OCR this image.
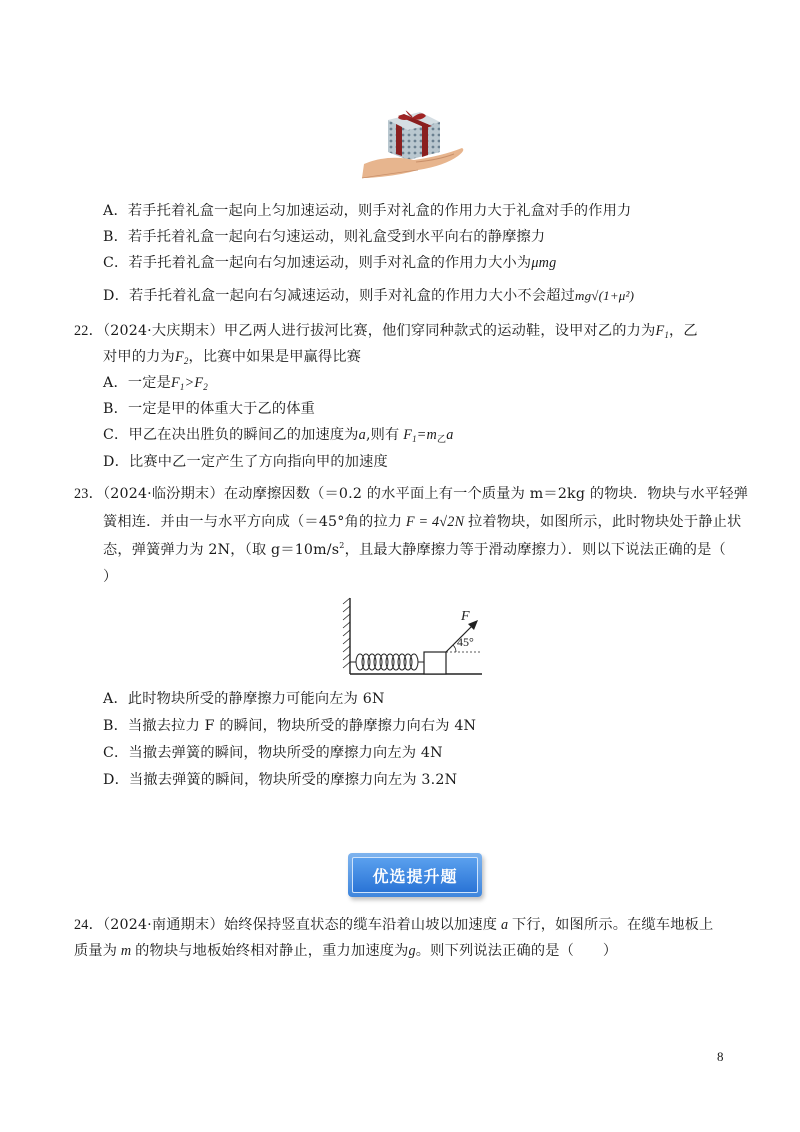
A．若手托着礼盒一起向上匀加速运动，则手对礼盒的作用力大于礼盒对手的作用力
B．若手托着礼盒一起向右匀速运动，则礼盒受到水平向右的静摩擦力
C．若手托着礼盒一起向右匀加速运动，则手对礼盒的作用力大小为μmg
D．若手托着礼盒一起向右匀减速运动，则手对礼盒的作用力大小不会超过mg√(1+μ²)
22．（2024·大庆期末）甲乙两人进行拔河比赛，他们穿同种款式的运动鞋，设甲对乙的力为$F_1$，乙
对甲的力为$F_2$，比赛中如果是甲赢得比赛
A．一定是$F_1>F_2$
B．一定是甲的体重大于乙的体重
C．甲乙在决出胜负的瞬间乙的加速度为a,则有 $F_1=m_乙a$
D．比赛中乙一定产生了方向指向甲的加速度
23．（2024·临汾期末）在动摩擦因数（＝0.2 的水平面上有一个质量为 m＝2kg 的物块．物块与水平轻弹
簧相连．并由一与水平方向成（＝45°角的拉力 F = 4√2N 拉着物块，如图所示，此时物块处于静止状
态，弹簧弹力为 2N，（取 $g=10m/s^2$，且最大静摩擦力等于滑动摩擦力）．则以下说法正确的是（
）
F
45°
A．此时物块所受的静摩擦力可能向左为 6N
B．当撤去拉力 F 的瞬间，物块所受的静摩擦力向右为 4N
C．当撤去弹簧的瞬间，物块所受的摩擦力向左为 4N
D．当撤去弹簧的瞬间，物块所受的摩擦力向左为 3.2N
优选提升题
24．（2024·南通期末）始终保持竖直状态的缆车沿着山坡以加速度 a 下行，如图所示。在缆车地板上
质量为 m 的物块与地板始终相对静止，重力加速度为g。则下列说法正确的是（　　）
8
